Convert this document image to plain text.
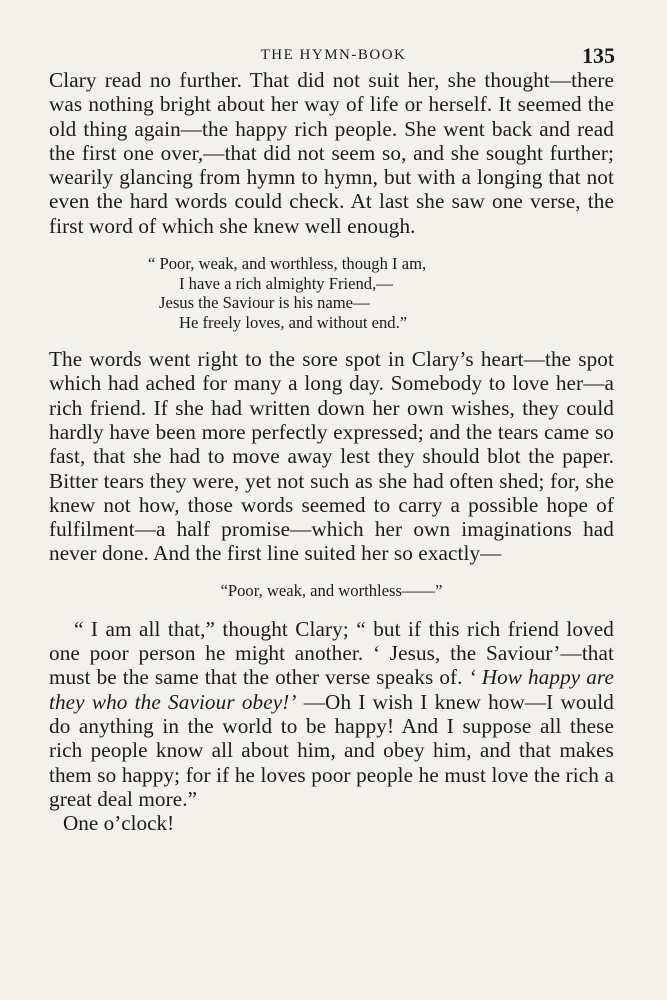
THE HYMN-BOOK	135

Clary read no further. That did not suit her, she thought—there was nothing bright about her way of life or herself. It seemed the old thing again—the happy rich people. She went back and read the first one over,—that did not seem so, and she sought further; wearily glancing from hymn to hymn, but with a longing that not even the hard words could check. At last she saw one verse, the first word of which she knew well enough.

“ Poor, weak, and worthless, though I am,
I have a rich almighty Friend,—
Jesus the Saviour is his name—
He freely loves, and without end.”

The words went right to the sore spot in Clary’s heart—the spot which had ached for many a long day. Somebody to love her—a rich friend. If she had written down her own wishes, they could hardly have been more perfectly expressed; and the tears came so fast, that she had to move away lest they should blot the paper. Bitter tears they were, yet not such as she had often shed; for, she knew not how, those words seemed to carry a possible hope of fulfilment—a half promise—which her own imaginations had never done. And the first line suited her so exactly—

“Poor, weak, and worthless——”

“ I am all that,” thought Clary; “ but if this rich friend loved one poor person he might another. ‘ Jesus, the Saviour’—that must be the same that the other verse speaks of. ‘ How happy are they who the Saviour obey!’ —Oh I wish I knew how—I would do anything in the world to be happy! And I suppose all these rich people know all about him, and obey him, and that makes them so happy; for if he loves poor people he must love the rich a great deal more.”

One o’clock!
